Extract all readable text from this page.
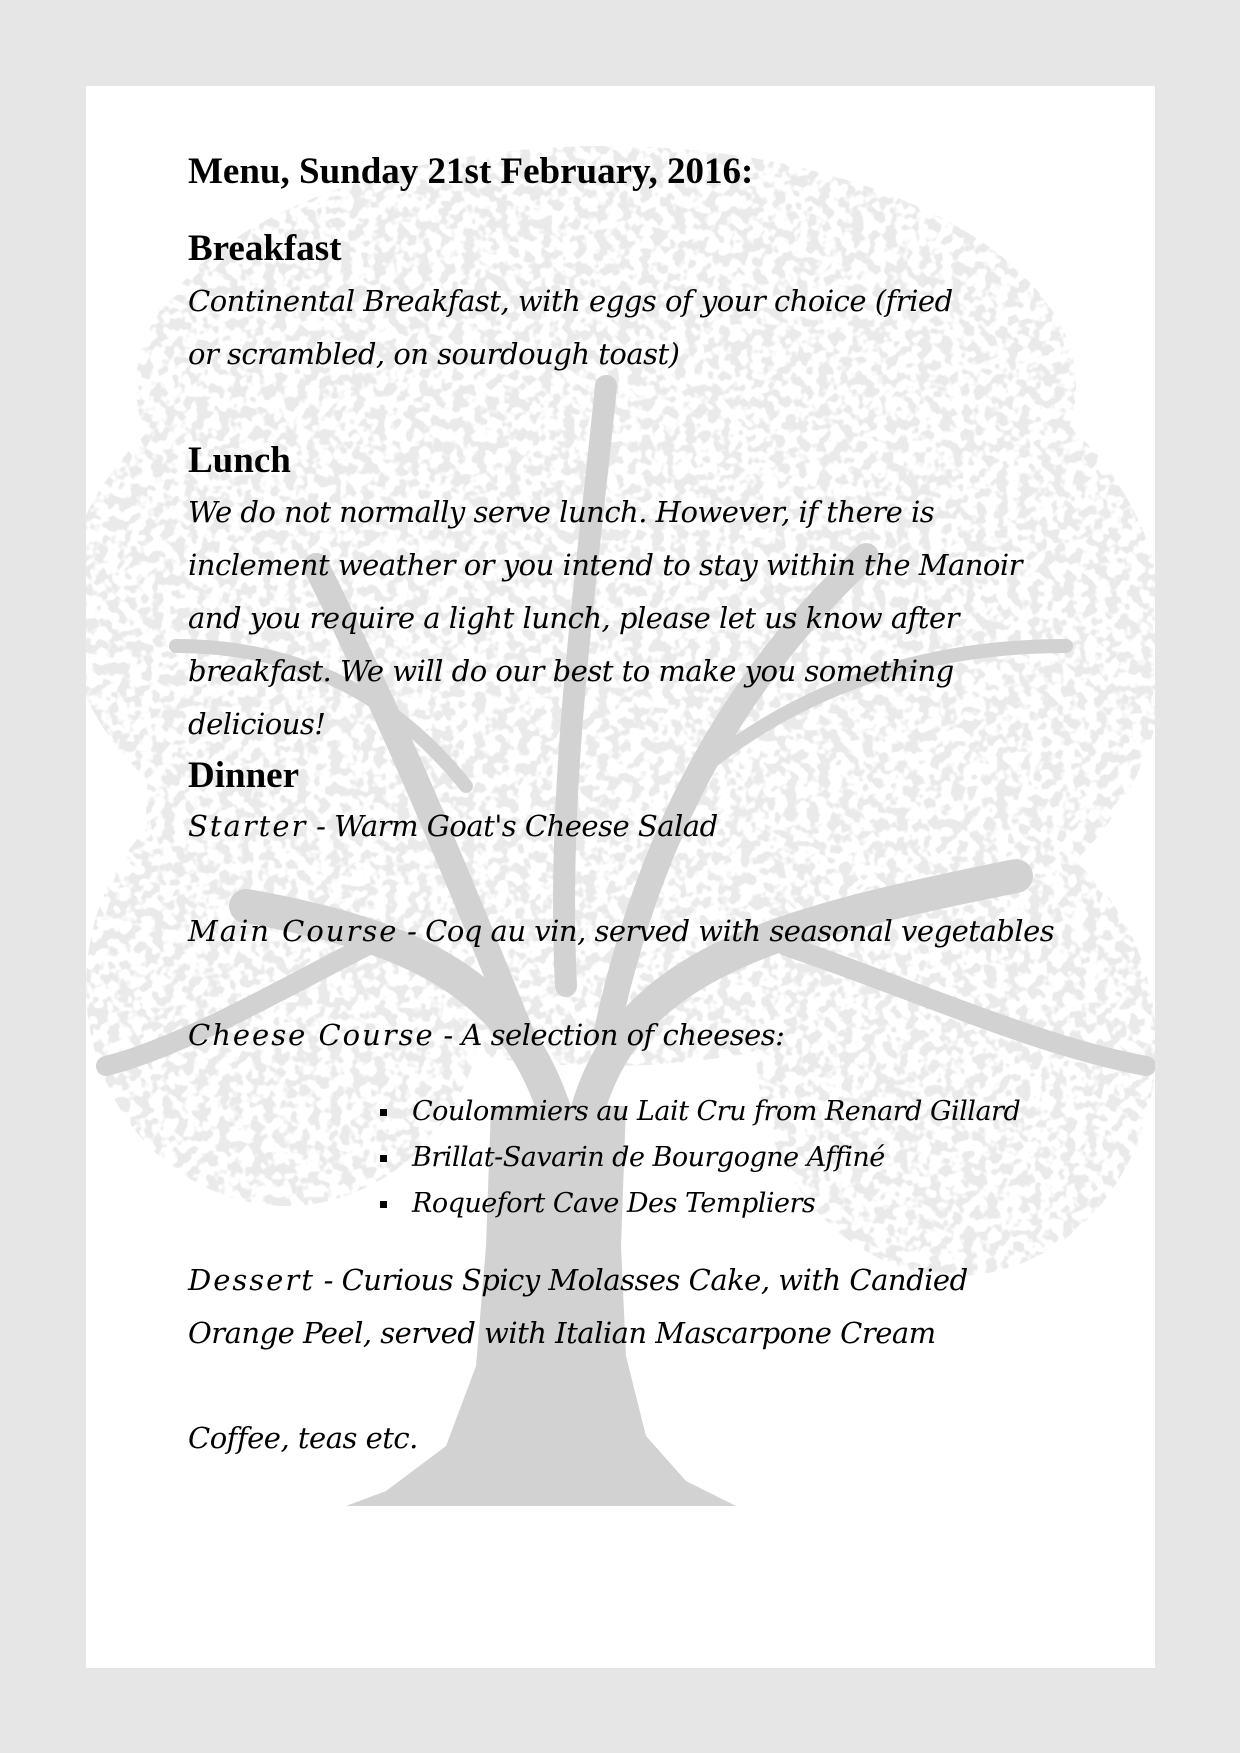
Menu, Sunday 21st February, 2016:
Breakfast

Continental Breakfast, with eggs of your choice (fried or scrambled, on sourdough toast)

Lunch

We do not normally serve lunch. However, if there is inclement weather or you intend to stay within the Manoir and you require a light lunch, please let us know after breakfast. We will do our best to make you something delicious!

Dinner

Starter - Warm Goat's Cheese Salad

Main Course - Coq au vin, served with seasonal vegetables

Cheese Course - A selection of cheeses:

Coulommiers au Lait Cru from Renard Gillard
Brillat-Savarin de Bourgogne Affiné
Roquefort Cave Des Templiers

Dessert - Curious Spicy Molasses Cake, with Candied Orange Peel, served with Italian Mascarpone Cream

Coffee, teas etc.
